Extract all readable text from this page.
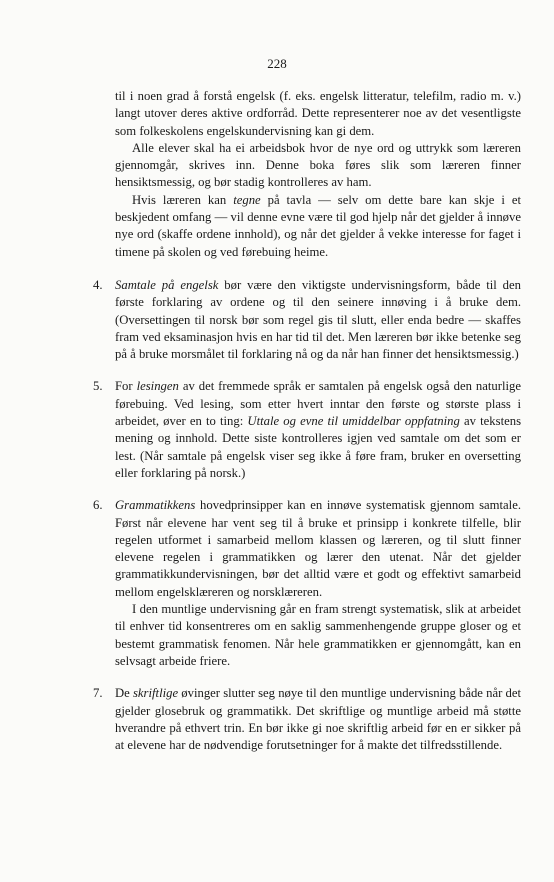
228

til i noen grad å forstå engelsk (f. eks. engelsk litteratur, telefilm, radio m. v.) langt utover deres aktive ordforråd. Dette representerer noe av det vesentligste som folkeskolens engelskundervisning kan gi dem.

Alle elever skal ha ei arbeidsbok hvor de nye ord og uttrykk som læreren gjennomgår, skrives inn. Denne boka føres slik som læreren finner hensiktsmessig, og bør stadig kontrolleres av ham.

Hvis læreren kan tegne på tavla — selv om dette bare kan skje i et beskjedent omfang — vil denne evne være til god hjelp når det gjelder å innøve nye ord (skaffe ordene innhold), og når det gjelder å vekke interesse for faget i timene på skolen og ved førebuing heime.

4. Samtale på engelsk bør være den viktigste undervisningsform, både til den første forklaring av ordene og til den seinere innøving i å bruke dem. (Oversettingen til norsk bør som regel gis til slutt, eller enda bedre — skaffes fram ved eksaminasjon hvis en har tid til det. Men læreren bør ikke betenke seg på å bruke morsmålet til forklaring nå og da når han finner det hensiktsmessig.)

5. For lesingen av det fremmede språk er samtalen på engelsk også den naturlige førebuing. Ved lesing, som etter hvert inntar den første og største plass i arbeidet, øver en to ting: Uttale og evne til umiddelbar oppfatning av tekstens mening og innhold. Dette siste kontrolleres igjen ved samtale om det som er lest. (Når samtale på engelsk viser seg ikke å føre fram, bruker en oversetting eller forklaring på norsk.)

6. Grammatikkens hovedprinsipper kan en innøve systematisk gjennom samtale. Først når elevene har vent seg til å bruke et prinsipp i konkrete tilfelle, blir regelen utformet i samarbeid mellom klassen og læreren, og til slutt finner elevene regelen i grammatikken og lærer den utenat. Når det gjelder grammatikkundervisningen, bør det alltid være et godt og effektivt samarbeid mellom engelsklæreren og norsklæreren.

I den muntlige undervisning går en fram strengt systematisk, slik at arbeidet til enhver tid konsentreres om en saklig sammenhengende gruppe gloser og et bestemt grammatisk fenomen. Når hele grammatikken er gjennomgått, kan en selvsagt arbeide friere.

7. De skriftlige øvinger slutter seg nøye til den muntlige undervisning både når det gjelder glosebruk og grammatikk. Det skriftlige og muntlige arbeid må støtte hverandre på ethvert trin. En bør ikke gi noe skriftlig arbeid før en er sikker på at elevene har de nødvendige forutsetninger for å makte det tilfredsstillende.
